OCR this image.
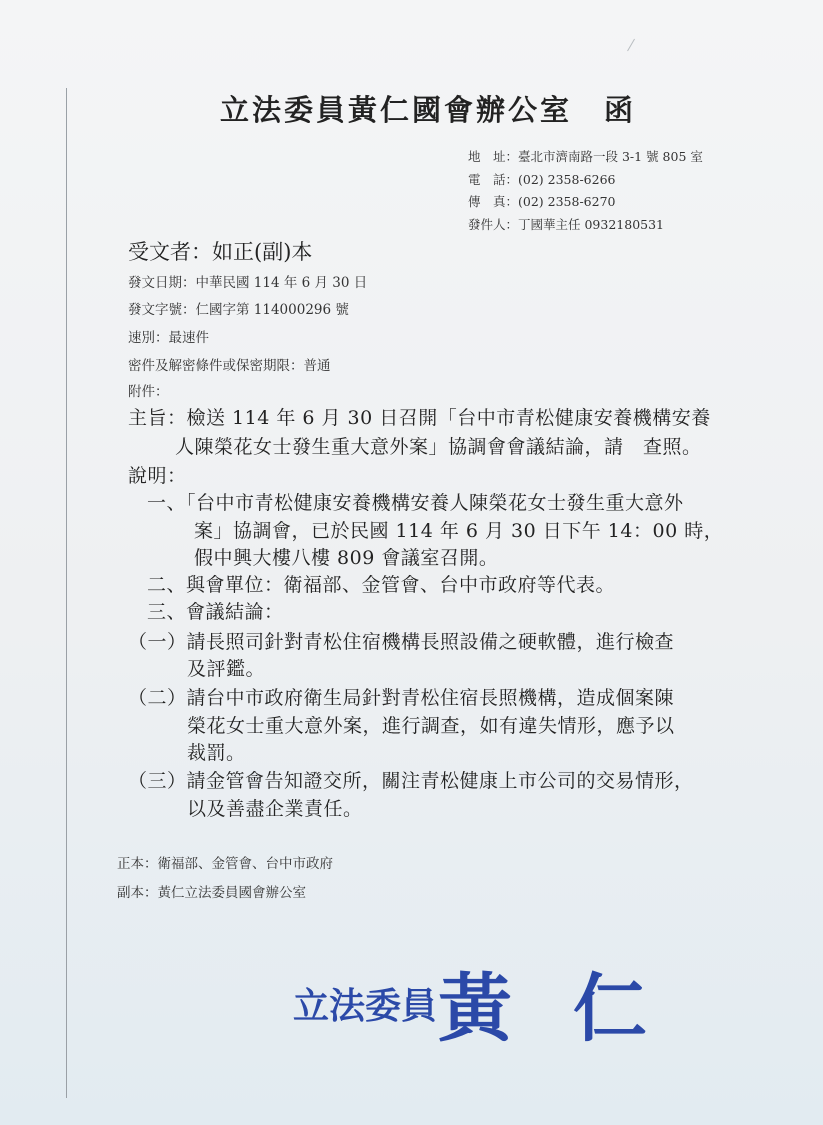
立法委員黃仁國會辦公室　函
地　址：臺北市濟南路一段 3-1 號 805 室
電　話：(02) 2358-6266
傳　真：(02) 2358-6270
發件人：丁國華主任 0932180531
受文者：如正(副)本
發文日期：中華民國 114 年 6 月 30 日
發文字號：仁國字第 114000296 號
速別：最速件
密件及解密條件或保密期限：普通
附件：
主旨：檢送 114 年 6 月 30 日召開「台中市青松健康安養機構安養
人陳榮花女士發生重大意外案」協調會會議結論，請　查照。
說明：
一、「台中市青松健康安養機構安養人陳榮花女士發生重大意外
案」協調會，已於民國 114 年 6 月 30 日下午 14：00 時，
假中興大樓八樓 809 會議室召開。
二、與會單位：衛福部、金管會、台中市政府等代表。
三、會議結論：
（一）請長照司針對青松住宿機構長照設備之硬軟體，進行檢查
及評鑑。
（二）請台中市政府衛生局針對青松住宿長照機構，造成個案陳
榮花女士重大意外案，進行調查，如有違失情形，應予以
裁罰。
（三）請金管會告知證交所，關注青松健康上市公司的交易情形，
以及善盡企業責任。
正本：衛福部、金管會、台中市政府
副本：黃仁立法委員國會辦公室
立法委員 黃 仁
